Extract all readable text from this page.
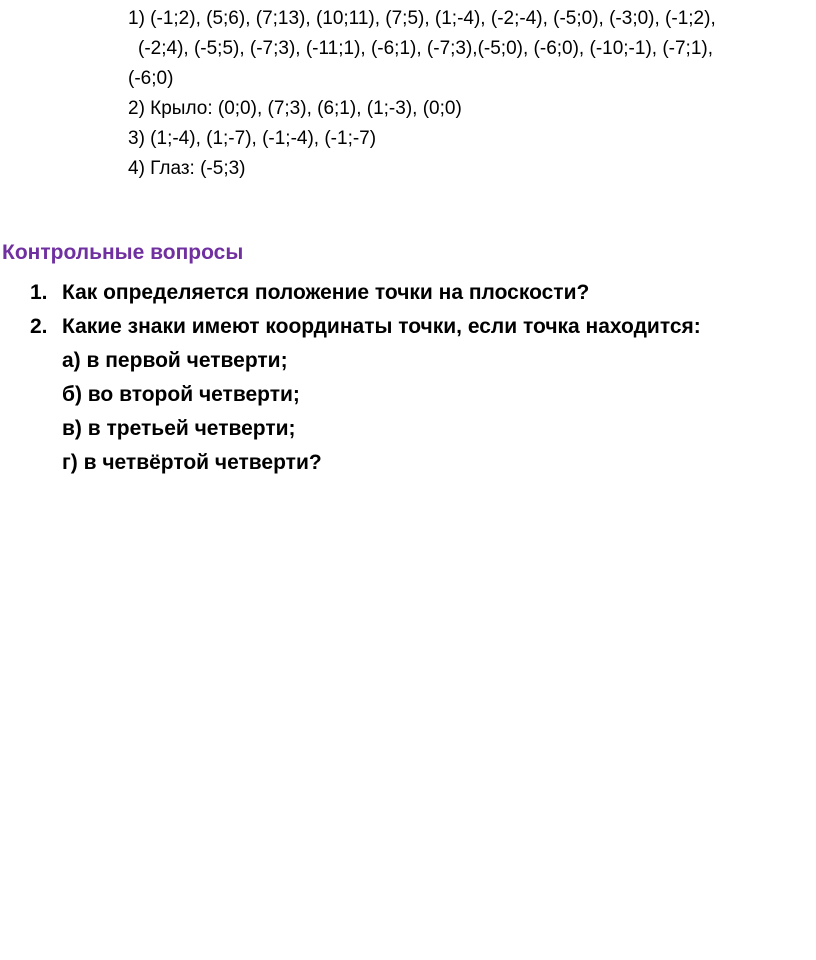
1) (-1;2), (5;6), (7;13), (10;11), (7;5), (1;-4), (-2;-4), (-5;0), (-3;0), (-1;2),
(-2;4), (-5;5), (-7;3), (-11;1), (-6;1), (-7;3),(-5;0), (-6;0), (-10;-1), (-7;1),
(-6;0)
2) Крыло: (0;0), (7;3), (6;1), (1;-3), (0;0)
3) (1;-4), (1;-7), (-1;-4), (-1;-7)
4) Глаз: (-5;3)
Контрольные вопросы
1. Как определяется положение точки на плоскости?
2. Какие знаки имеют координаты точки, если точка находится:
а) в первой четверти;
б) во второй четверти;
в) в третьей четверти;
г) в четвёртой четверти?
